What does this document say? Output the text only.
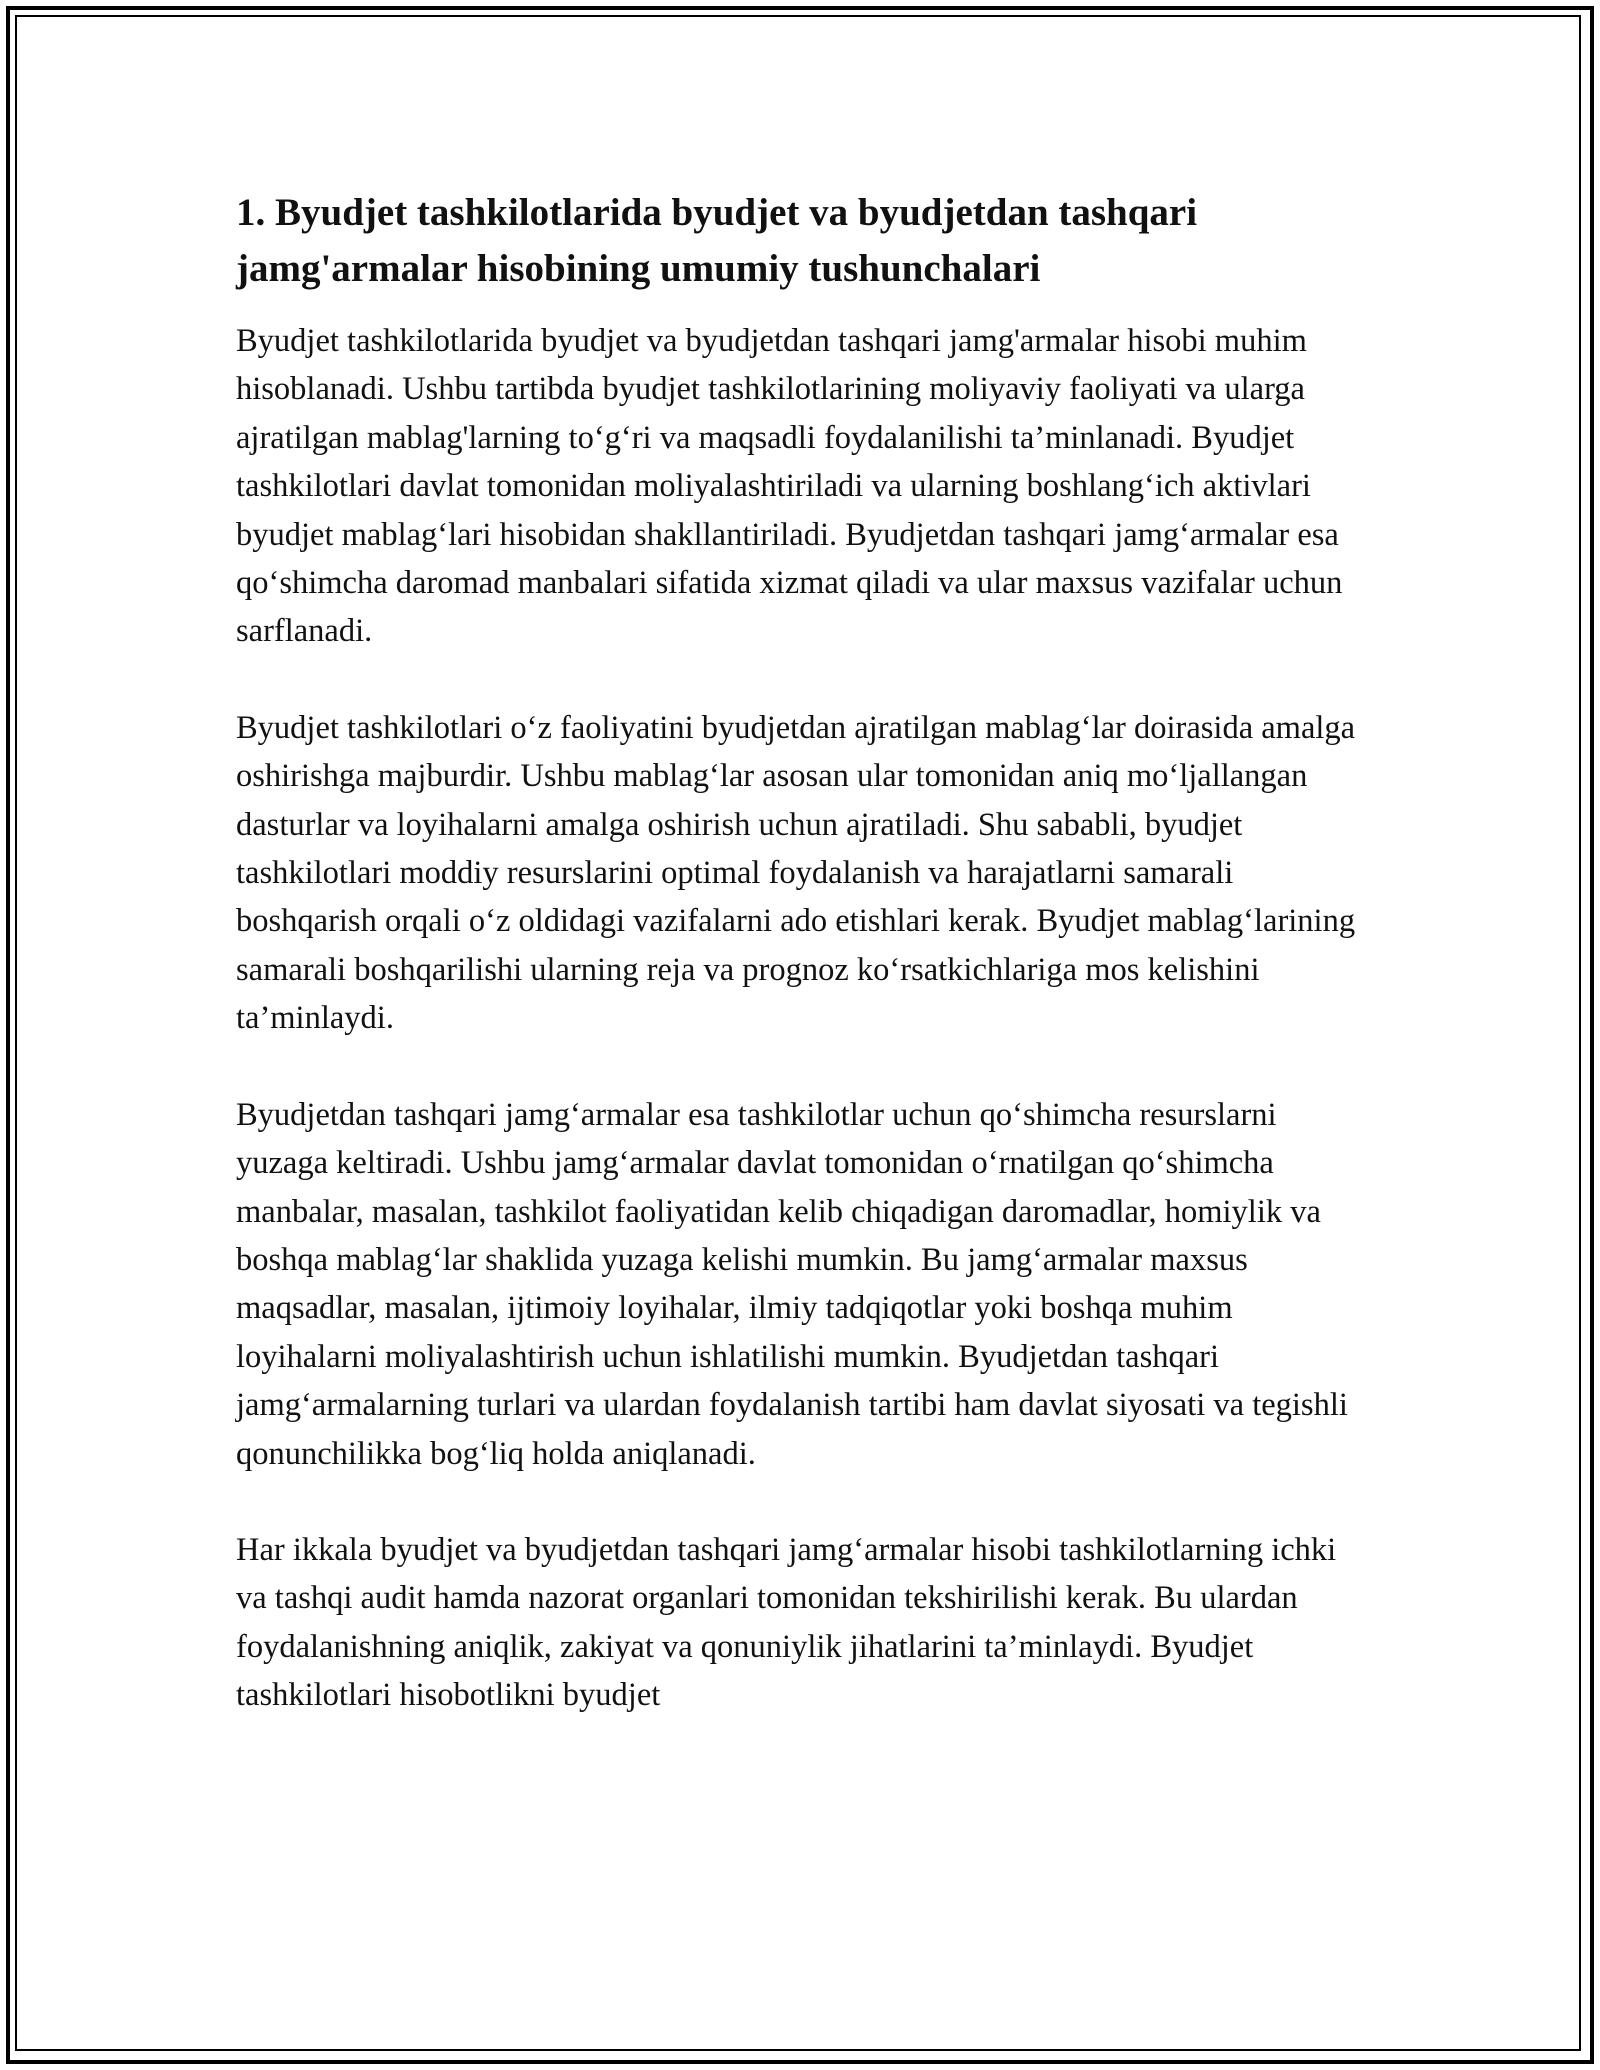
1. Byudjet tashkilotlarida byudjet va byudjetdan tashqari jamg'armalar hisobining umumiy tushunchalari

Byudjet tashkilotlarida byudjet va byudjetdan tashqari jamg'armalar hisobi muhim hisoblanadi. Ushbu tartibda byudjet tashkilotlarining moliyaviy faoliyati va ularga ajratilgan mablag'larning to‘g‘ri va maqsadli foydalanilishi ta’minlanadi. Byudjet tashkilotlari davlat tomonidan moliyalashtiriladi va ularning boshlang‘ich aktivlari byudjet mablag‘lari hisobidan shakllantiriladi. Byudjetdan tashqari jamg‘armalar esa qo‘shimcha daromad manbalari sifatida xizmat qiladi va ular maxsus vazifalar uchun sarflanadi.

Byudjet tashkilotlari o‘z faoliyatini byudjetdan ajratilgan mablag‘lar doirasida amalga oshirishga majburdir. Ushbu mablag‘lar asosan ular tomonidan aniq mo‘ljallangan dasturlar va loyihalarni amalga oshirish uchun ajratiladi. Shu sababli, byudjet tashkilotlari moddiy resurslarini optimal foydalanish va harajatlarni samarali boshqarish orqali o‘z oldidagi vazifalarni ado etishlari kerak. Byudjet mablag‘larining samarali boshqarilishi ularning reja va prognoz ko‘rsatkichlariga mos kelishini ta’minlaydi.

Byudjetdan tashqari jamg‘armalar esa tashkilotlar uchun qo‘shimcha resurslarni yuzaga keltiradi. Ushbu jamg‘armalar davlat tomonidan o‘rnatilgan qo‘shimcha manbalar, masalan, tashkilot faoliyatidan kelib chiqadigan daromadlar, homiylik va boshqa mablag‘lar shaklida yuzaga kelishi mumkin. Bu jamg‘armalar maxsus maqsadlar, masalan, ijtimoiy loyihalar, ilmiy tadqiqotlar yoki boshqa muhim loyihalarni moliyalashtirish uchun ishlatilishi mumkin. Byudjetdan tashqari jamg‘armalarning turlari va ulardan foydalanish tartibi ham davlat siyosati va tegishli qonunchilikka bog‘liq holda aniqlanadi.

Har ikkala byudjet va byudjetdan tashqari jamg‘armalar hisobi tashkilotlarning ichki va tashqi audit hamda nazorat organlari tomonidan tekshirilishi kerak. Bu ulardan foydalanishning aniqlik, zakiyat va qonuniylik jihatlarini ta’minlaydi. Byudjet tashkilotlari hisobotlikni byudjet
